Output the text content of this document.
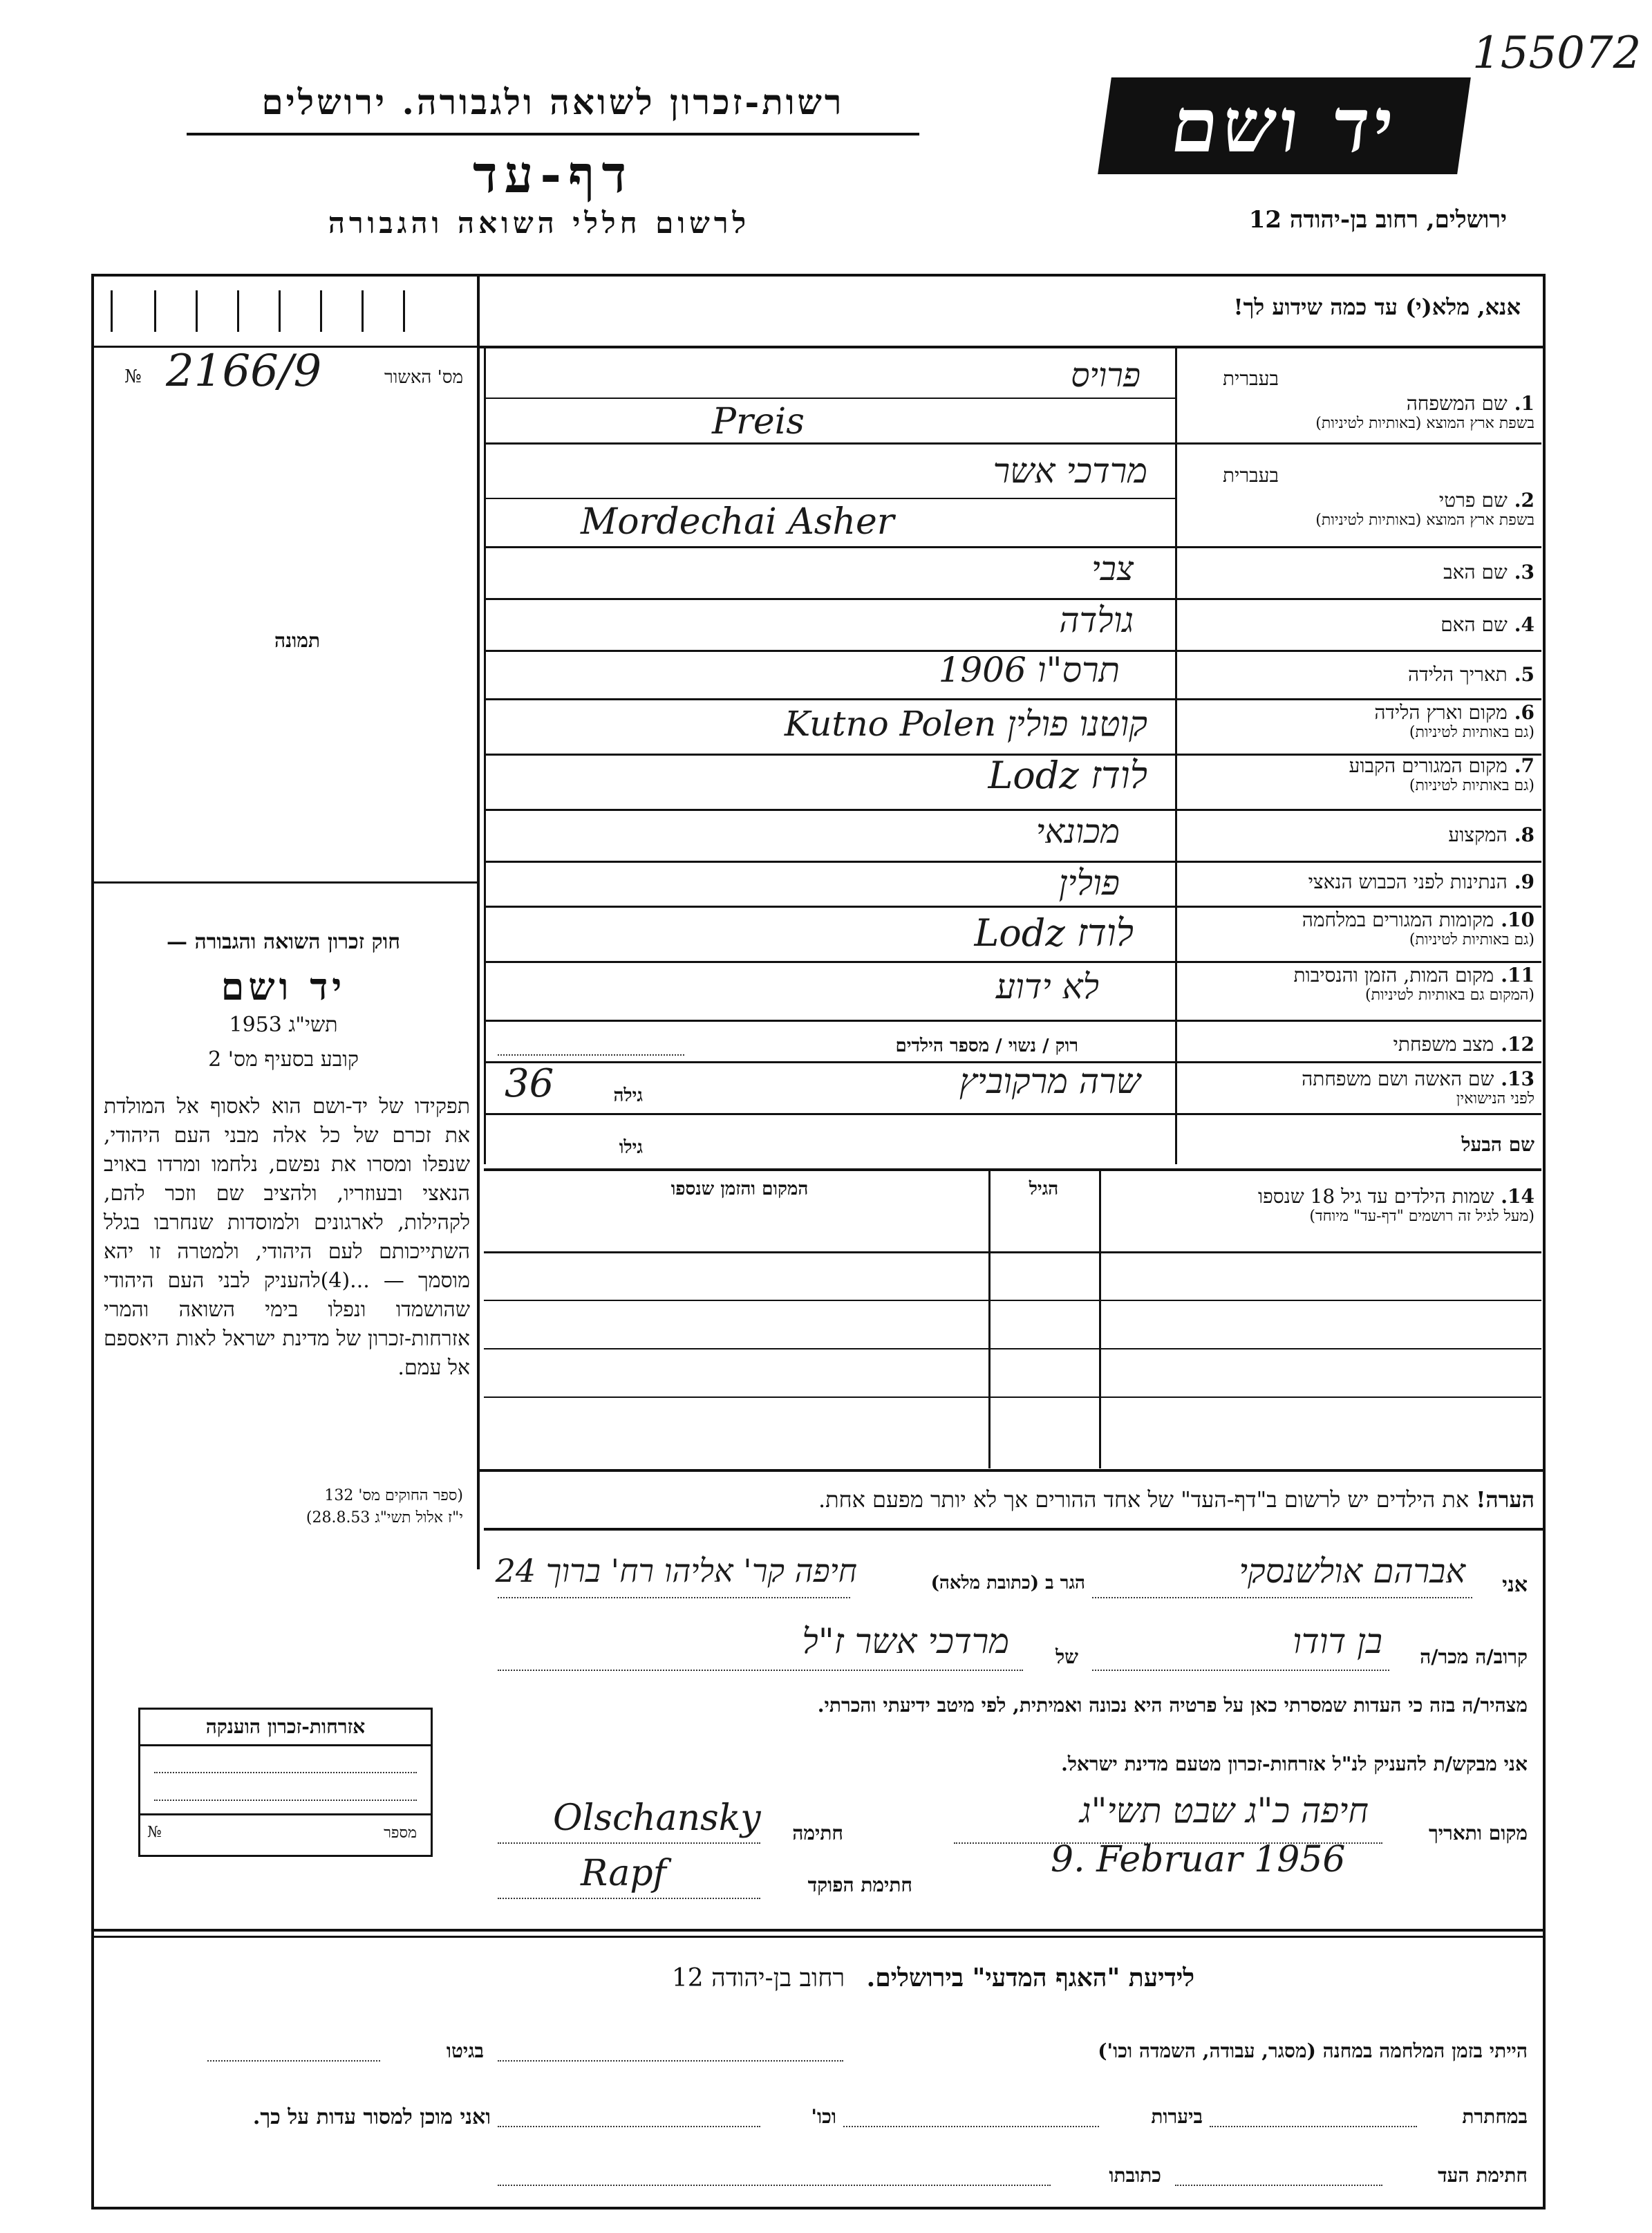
155072
רשות-זכרון לשואה ולגבורה. ירושלים
דף-עד
לרשום חללי השואה והגבורה
יד ושם
ירושלים, רחוב בן-יהודה 12
№ 2166/9	מס' האשור
תמונה
חוק זכרון השואה והגבורה —
יד ושם
תשי"ג 1953
קובע בסעיף מס' 2
תפקידו של יד-ושם הוא לאסוף אל המולדת את זכרם של כל אלה מבני העם היהודי, שנפלו ומסרו את נפשם, נלחמו ומרדו באויב הנאצי ובעוזריו, ולהציב שם וזכר להם, לקהילות, לארגונים ולמוסדות שנחרבו בגלל השתייכותם לעם היהודי, ולמטרה זו יהא מוסמך — ...(4)להעניק לבני העם היהודי שהושמדו ונפלו בימי השואה והמרי אזרחות-זכרון של מדינת ישראל לאות היאספם אל עמם.
(ספר החוקים מס' 132
י"ז אלול תשי"ג 28.8.53)
אזרחות-זכרון הוענקה
№	מספר
אנא, מלא(י) עד כמה שידוע לך!
בעברית
1.שם המשפחה
בשפת ארץ המוצא (באותיות לטיניות)
פרויס
Preis
בעברית
2.שם פרטי
בשפת ארץ המוצא (באותיות לטיניות)
מרדכי אשר
Mordechai Asher
3.שם האב
צבי
4.שם האם
גולדה
5.תאריך הלידה
תרס"ו 1906
6.מקום וארץ הלידה
(גם באותיות לטיניות)
קוטנו פולין Kutno Polen
7.מקום המגורים הקבוע
(גם באותיות לטיניות)
לודז Lodz
8.המקצוע
מכונאי
9.הנתינות לפני הכבוש הנאצי
פולין
10.מקומות המגורים במלחמה
(גם באותיות לטיניות)
לודז Lodz
11.מקום המות, הזמן והנסיבות
(המקום גם באותיות לטיניות)
לא ידוע
12.מצב משפחתי
רוק / נשוי / מספר הילדים
13.שם האשה ושם משפחתה
לפני הנישואין
שרה מרקוביץ
גילה
36
שם הבעל
גילו
14.שמות הילדים עד גיל 18 שנספו
(מעל לגיל זה רושמים "דף-עד" מיוחד)
הגיל
המקום והזמן שנספו
הערה! את הילדים יש לרשום ב"דף-העד" של אחד ההורים אך לא יותר מפעם אחת.
אני
אברהם אולשנסקי
הגר ב (כתובת מלאה)
חיפה קר' אליהו רח' ברוך 24
קרוב/ה מכר/ה
בן דודו
של
מרדכי אשר ז"ל
מצהיר/ה בזה כי העדות שמסרתי כאן על פרטיה היא נכונה ואמיתית, לפי מיטב ידיעתי והכרתי.
אני מבקש/ת להעניק לנ"ל אזרחות-זכרון מטעם מדינת ישראל.
מקום ותאריך
חיפה כ"ג שבט תשי"ג
9. Februar 1956
חתימה
Olschansky
חתימת הפוקד
Rapf
לידיעת "האגף המדעי" בירושלים. רחוב בן-יהודה 12
הייתי בזמן המלחמה במחנה (מסגר, עבודה, השמדה וכו')
בגיטו
במחתרת
ביערות
וכו'
ואני מוכן למסור עדות על כך.
חתימת העד
כתובתו
